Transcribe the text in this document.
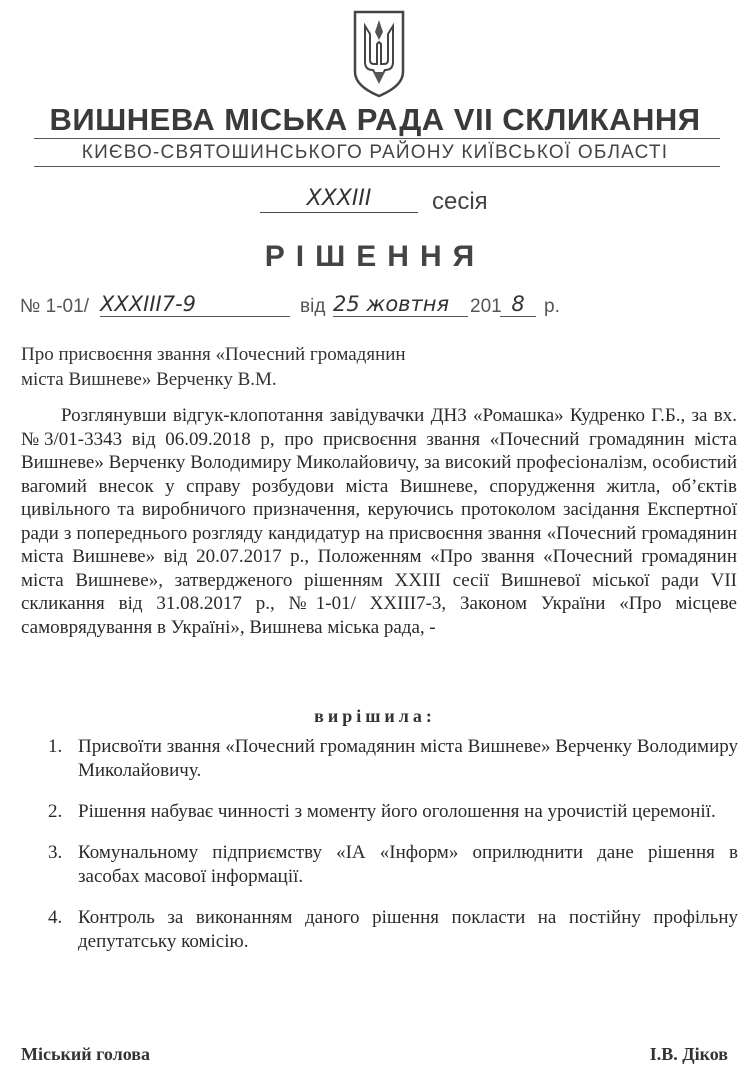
ВИШНЕВА МІСЬКА РАДА VII СКЛИКАННЯ
КИЄВО-СВЯТОШИНСЬКОГО РАЙОНУ КИЇВСЬКОЇ ОБЛАСТІ
XXXIII	сесія
РІШЕННЯ
№ 1-01/ XXXIII7-9	від 25 жовтня	201 8	р.
Про присвоєння звання «Почесний громадянин
міста Вишневе» Верченку В.М.
Розглянувши відгук-клопотання завідувачки ДНЗ «Ромашка» Кудренко Г.Б., за вх. №3/01-3343 від 06.09.2018 р, про присвоєння звання «Почесний громадянин міста Вишневе» Верченку Володимиру Миколайовичу, за високий професіоналізм, особистий вагомий внесок у справу розбудови міста Вишневе, спорудження житла, об’єктів цивільного та виробничого призначення, керуючись протоколом засідання Експертної ради з попереднього розгляду кандидатур на присвоєння звання «Почесний громадянин міста Вишневе» від 20.07.2017 р., Положенням «Про звання «Почесний громадянин міста Вишневе», затвердженого рішенням XXIII сесії Вишневої міської ради VII скликання від 31.08.2017 р., №1-01/ XXIII7-3, Законом України «Про місцеве самоврядування в Україні», Вишнева міська рада, -
вирішила:
1. Присвоїти звання «Почесний громадянин міста Вишневе» Верченку Володимиру Миколайовичу.
2. Рішення набуває чинності з моменту його оголошення на урочистій церемонії.
3. Комунальному підприємству «ІА «Інформ» оприлюднити дане рішення в засобах масової інформації.
4. Контроль за виконанням даного рішення покласти на постійну профільну депутатську комісію.
Міський голова	І.В. Діков
